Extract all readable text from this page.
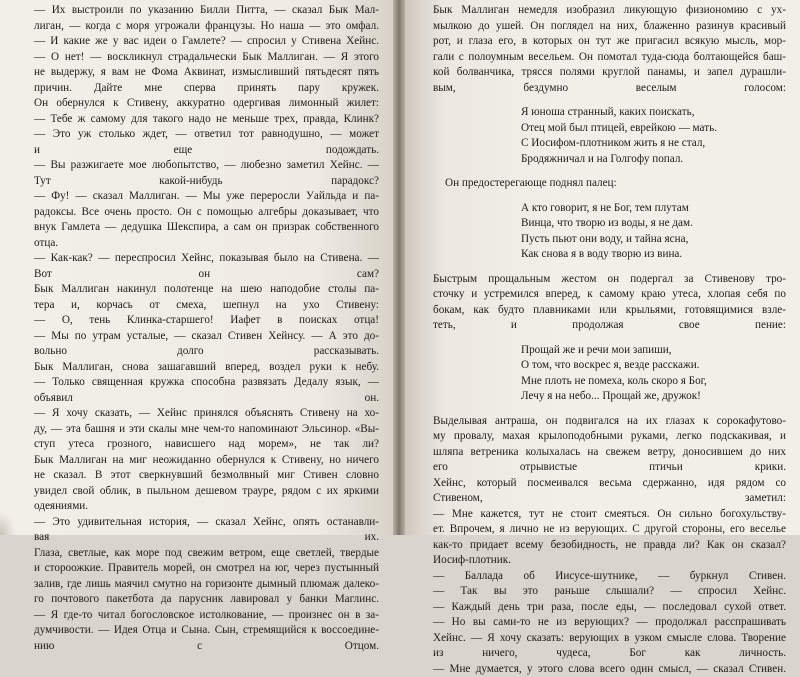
— Их выстроили по указанию Билли Питта, — сказал Бык Мал-
лиган, — когда с моря угрожали французы. Но наша — это омфал.
— И какие же у вас идеи о Гамлете? — спросил у Стивена Хейнс.
— О нет! — воскликнул страдальчески Бык Маллиган. — Я этого
не выдержу, я вам не Фома Аквинат, измысливший пятьдесят пять
причин. Дайте мне сперва принять пару кружек.
Он обернулся к Стивену, аккуратно одергивая лимонный жилет:
— Тебе ж самому для такого надо не меньше трех, правда, Клинк?
— Это уж столько ждет, — ответил тот равнодушно, — может
и еще подождать.
— Вы разжигаете мое любопытство, — любезно заметил Хейнс. —
Тут какой-нибудь парадокс?
— Фу! — сказал Маллиган. — Мы уже переросли Уайльда и па-
радоксы. Все очень просто. Он с помощью алгебры доказывает, что
внук Гамлета — дедушка Шекспира, а сам он призрак собственного
отца.
— Как-как? — переспросил Хейнс, показывая было на Стивена. —
Вот он сам?
Бык Маллиган накинул полотенце на шею наподобие столы па-
тера и, корчась от смеха, шепнул на ухо Стивену:
— О, тень Клинка-старшего! Иафет в поисках отца!
— Мы по утрам усталые, — сказал Стивен Хейнсу. — А это до-
вольно долго рассказывать.
Бык Маллиган, снова зашагавший вперед, воздел руки к небу.
— Только священная кружка способна развязать Дедалу язык, —
объявил он.
— Я хочу сказать, — Хейнс принялся объяснять Стивену на хо-
ду, — эта башня и эти скалы мне чем-то напоминают Эльсинор. «Вы-
ступ утеса грозного, нависшего над морем», не так ли?
Бык Маллиган на миг неожиданно обернулся к Стивену, но ничего
не сказал. В этот сверкнувший безмолвный миг Стивен словно
увидел свой облик, в пыльном дешевом трауре, рядом с их яркими
одеяниями.
— Это удивительная история, — сказал Хейнс, опять останавли-
вая их.
Глаза, светлые, как море под свежим ветром, еще светлей, твердые
и стороожкие. Правитель морей, он смотрел на юг, через пустынный
залив, где лишь маячил смутно на горизонте дымный плюмаж далеко-
го почтового пакетбота да парусник лавировал у банки Маглинс.
— Я где-то читал богословское истолкование, — произнес он в за-
думчивости. — Идея Отца и Сына. Сын, стремящийся к воссоедине-
нию с Отцом.
Бык Маллиган немедля изобразил ликующую физиономию с ух-
мылкою до ушей. Он поглядел на них, блаженно разинув красивый
рот, и глаза его, в которых он тут же пригасил всякую мысль, мор-
гали с полоумным весельем. Он помотал туда-сюда болтающейся баш-
кой болванчика, трясся полями круглой панамы, и запел дурашли-
вым, бездумно веселым голосом:
Я юноша странный, каких поискать,
Отец мой был птицей, еврейкою — мать.
С Иосифом-плотником жить я не стал,
Бродяжничал и на Голгофу попал.
Он предостерегающе поднял палец:
А кто говорит, я не Бог, тем плутам
Винца, что творю из воды, я не дам.
Пусть пьют они воду, и тайна ясна,
Как снова я в воду творю из вина.
Быстрым прощальным жестом он подергал за Стивенову тро-
сточку и устремился вперед, к самому краю утеса, хлопая себя по
бокам, как будто плавниками или крыльями, готовящимися взле-
теть, и продолжая свое пение:
Прощай же и речи мои запиши,
О том, что воскрес я, везде расскажи.
Мне плоть не помеха, коль скоро я Бог,
Лечу я на небо... Прощай же, дружок!
Выделывая антраша, он подвигался на их глазах к сорокафутово-
му провалу, махая крылоподобными руками, легко подскакивая, и
шляпа ветреника колыхалась на свежем ветру, доносившем до них
его отрывистые птичьи крики.
Хейнс, который посмеивался весьма сдержанно, идя рядом со
Стивеном, заметил:
— Мне кажется, тут не стоит смеяться. Он сильно богохульству-
ет. Впрочем, я лично не из верующих. С другой стороны, его веселье
как-то придает всему безобидность, не правда ли? Как он сказал?
Иосиф-плотник.
— Баллада об Иисусе-шутнике, — буркнул Стивен.
— Так вы это раньше слышали? — спросил Хейнс.
— Каждый день три раза, после еды, — последовал сухой ответ.
— Но вы сами-то не из верующих? — продолжал расспрашивать
Хейнс. — Я хочу сказать: верующих в узком смысле слова. Творение
из ничего, чудеса, Бог как личность.
— Мне думается, у этого слова всего один смысл, — сказал Стивен.
